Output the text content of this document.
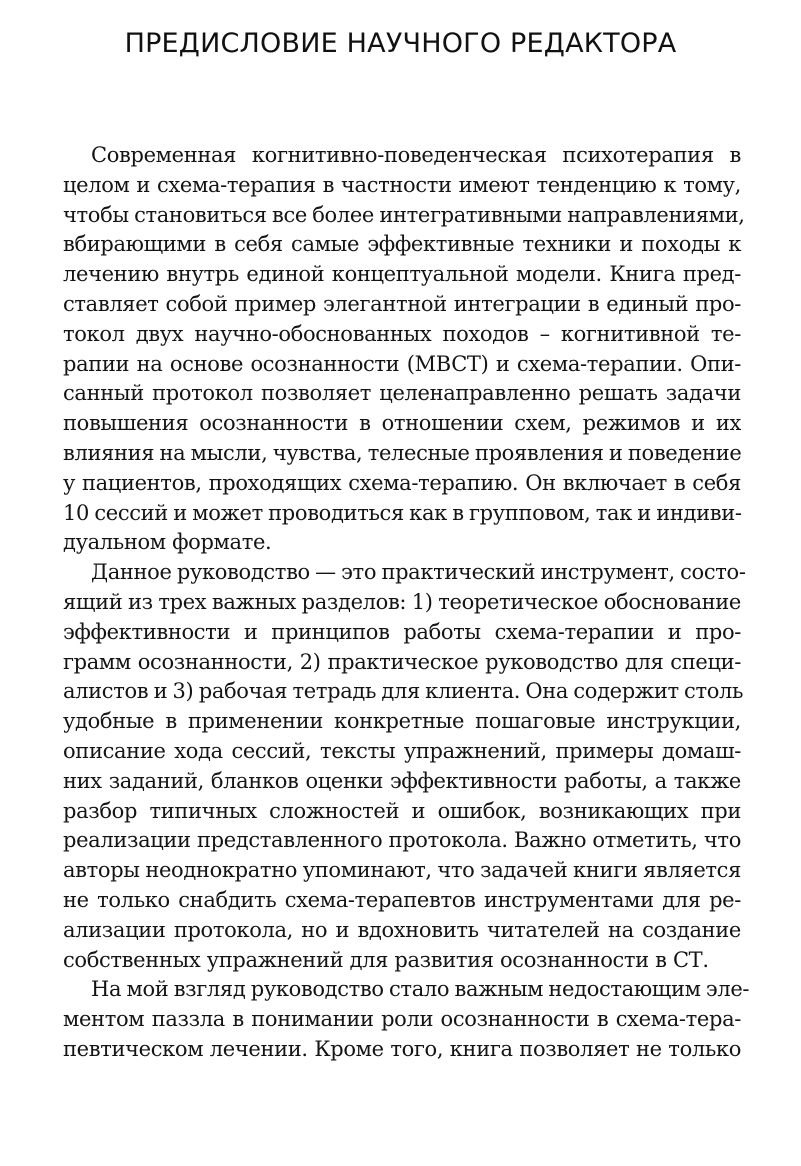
ПРЕДИСЛОВИЕ НАУЧНОГО РЕДАКТОРА
Современная когнитивно-поведенческая психотерапия в
целом и схема-терапия в частности имеют тенденцию к тому,
чтобы становиться все более интегративными направлениями,
вбирающими в себя самые эффективные техники и походы к
лечению внутрь единой концептуальной модели. Книга пред-
ставляет собой пример элегантной интеграции в единый про-
токол двух научно-обоснованных походов – когнитивной те-
рапии на основе осознанности (MBCT) и схема-терапии. Опи-
санный протокол позволяет целенаправленно решать задачи
повышения осознанности в отношении схем, режимов и их
влияния на мысли, чувства, телесные проявления и поведение
у пациентов, проходящих схема-терапию. Он включает в себя
10 сессий и может проводиться как в групповом, так и индиви-
дуальном формате.
Данное руководство — это практический инструмент, состо-
ящий из трех важных разделов: 1) теоретическое обоснование
эффективности и принципов работы схема-терапии и про-
грамм осознанности, 2) практическое руководство для специ-
алистов и 3) рабочая тетрадь для клиента. Она содержит столь
удобные в применении конкретные пошаговые инструкции,
описание хода сессий, тексты упражнений, примеры домаш-
них заданий, бланков оценки эффективности работы, а также
разбор типичных сложностей и ошибок, возникающих при
реализации представленного протокола. Важно отметить, что
авторы неоднократно упоминают, что задачей книги является
не только снабдить схема-терапевтов инструментами для ре-
ализации протокола, но и вдохновить читателей на создание
собственных упражнений для развития осознанности в СТ.
На мой взгляд руководство стало важным недостающим эле-
ментом паззла в понимании роли осознанности в схема-тера-
певтическом лечении. Кроме того, книга позволяет не только
